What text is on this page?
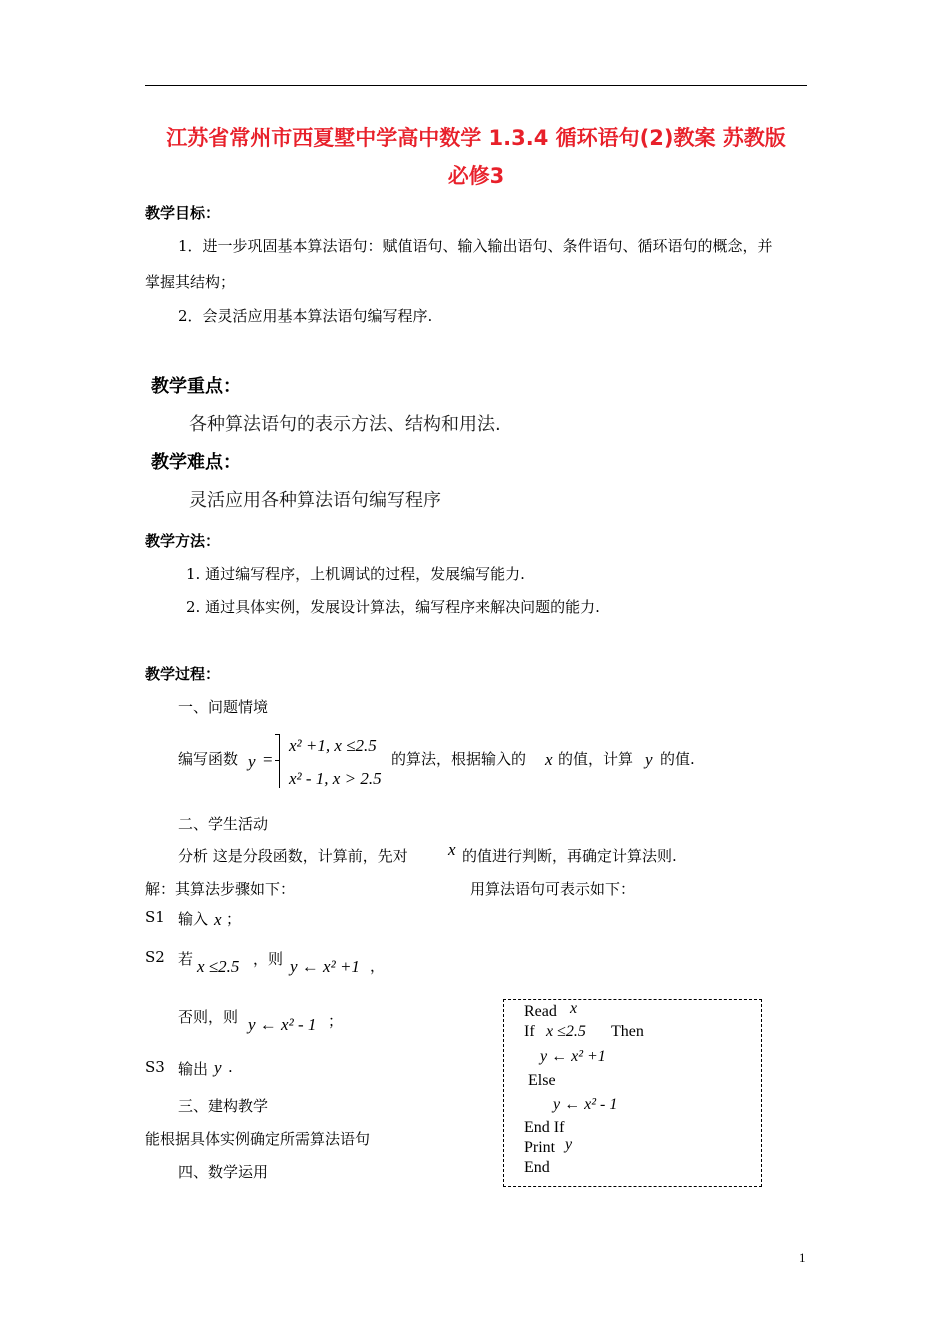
江苏省常州市西夏墅中学高中数学 1.3.4 循环语句(2)教案 苏教版
必修3
教学目标：
1．进一步巩固基本算法语句：赋值语句、输入输出语句、条件语句、循环语句的概念，并
掌握其结构；
2．会灵活应用基本算法语句编写程序.
教学重点：
各种算法语句的表示方法、结构和用法.
教学难点：
灵活应用各种算法语句编写程序
教学方法：
1. 通过编写程序，上机调试的过程，发展编写能力.
2. 通过具体实例，发展设计算法，编写程序来解决问题的能力.
教学过程：
一、问题情境
编写函数 y =
x² +1, x ≤2.5
x² - 1, x > 2.5
的算法，根据输入的 x 的值，计算 y 的值.
二、学生活动
分析 这是分段函数，计算前，先对 x 的值进行判断，再确定计算法则.
解：其算法步骤如下：	用算法语句可表示如下：
S1 输入 x ；
S2 若 x ≤2.5 ，则 y ← x² +1 ，
否则，则 y ← x² - 1 ；
S3 输出 y .
三、建构教学
能根据具体实例确定所需算法语句
四、数学运用
Read x
If x ≤2.5 Then
y ← x² +1
Else
y ← x² - 1
End If
Print y
End
1
